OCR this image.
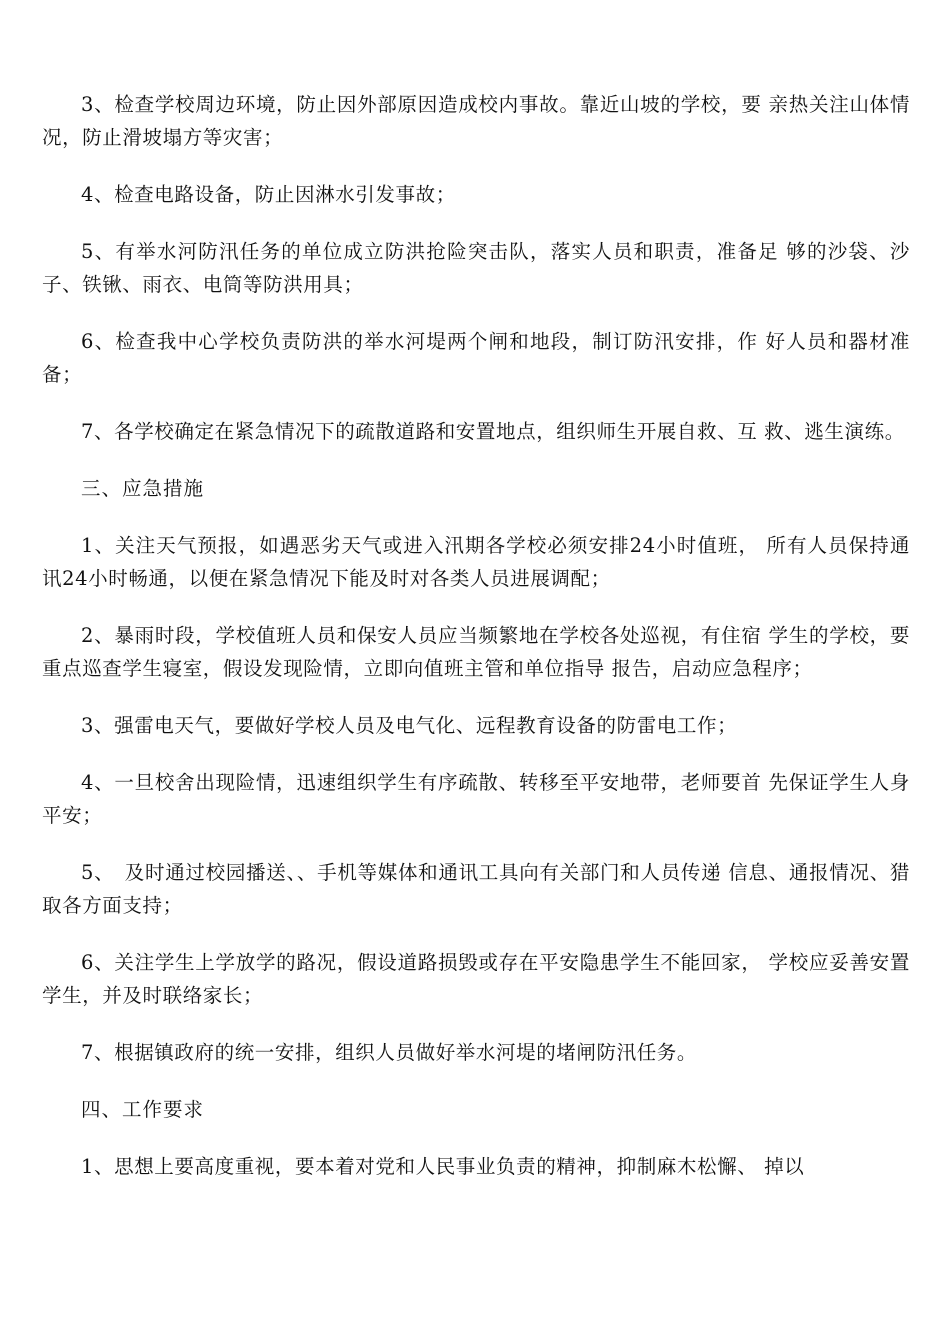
3、检查学校周边环境，防止因外部原因造成校内事故。靠近山坡的学校，要 亲热关注山体情况，防止滑坡塌方等灾害；

4、检查电路设备，防止因淋水引发事故；

5、有举水河防汛任务的单位成立防洪抢险突击队，落实人员和职责，准备足 够的沙袋、沙子、铁锹、雨衣、电筒等防洪用具；

6、检查我中心学校负责防洪的举水河堤两个闸和地段，制订防汛安排，作 好人员和器材准备；

7、各学校确定在紧急情况下的疏散道路和安置地点，组织师生开展自救、互 救、逃生演练。

三、应急措施

1、关注天气预报，如遇恶劣天气或进入汛期各学校必须安排24小时值班， 所有人员保持通讯24小时畅通，以便在紧急情况下能及时对各类人员进展调配；

2、暴雨时段，学校值班人员和保安人员应当频繁地在学校各处巡视，有住宿 学生的学校，要重点巡查学生寝室，假设发现险情，立即向值班主管和单位指导 报告，启动应急程序；

3、强雷电天气，要做好学校人员及电气化、远程教育设备的防雷电工作；

4、一旦校舍出现险情，迅速组织学生有序疏散、转移至平安地带，老师要首 先保证学生人身平安；

5、　及时通过校园播送、、手机等媒体和通讯工具向有关部门和人员传递 信息、通报情况、猎取各方面支持；

6、关注学生上学放学的路况，假设道路损毁或存在平安隐患学生不能回家， 学校应妥善安置学生，并及时联络家长；

7、根据镇政府的统一安排，组织人员做好举水河堤的堵闸防汛任务。

四、工作要求

1、思想上要高度重视，要本着对党和人民事业负责的精神，抑制麻木松懈、 掉以
